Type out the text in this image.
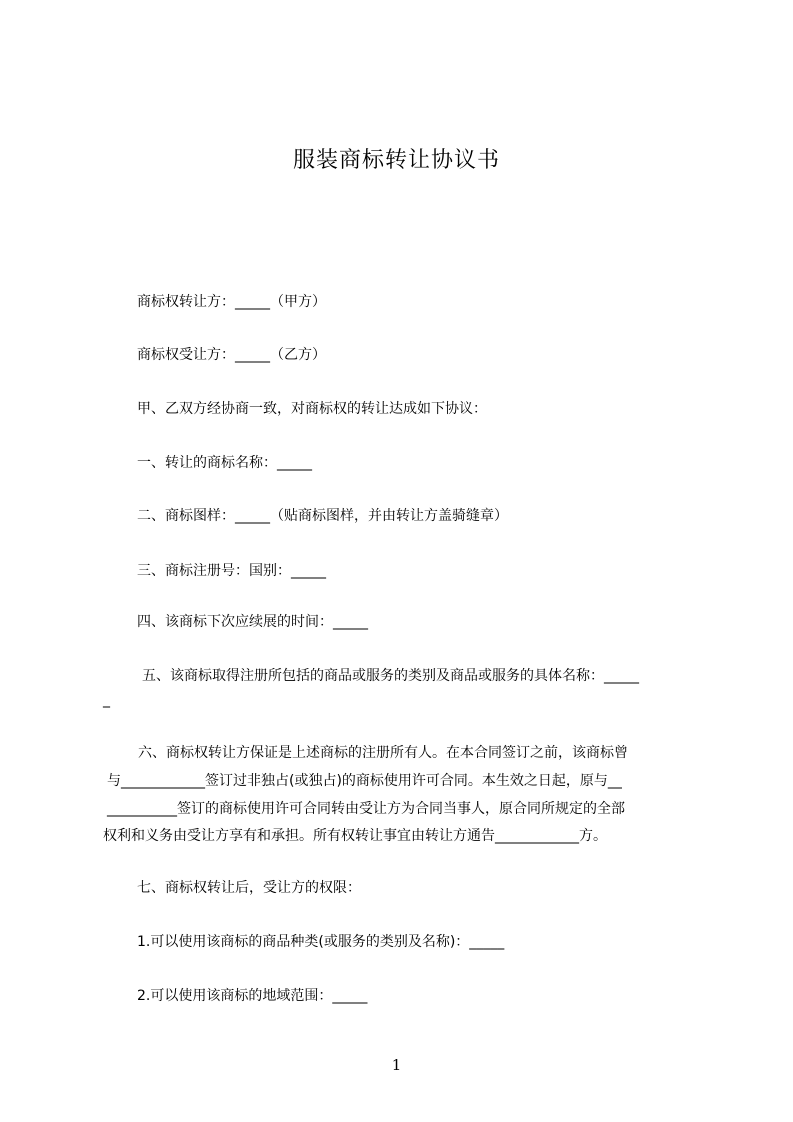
服装商标转让协议书
商标权转让方：_____（甲方）
商标权受让方：_____（乙方）
甲、乙双方经协商一致，对商标权的转让达成如下协议：
一、转让的商标名称：_____
二、商标图样：_____（贴商标图样，并由转让方盖骑缝章）
三、商标注册号：国别：_____
四、该商标下次应续展的时间：_____
五、该商标取得注册所包括的商品或服务的类别及商品或服务的具体名称：_____
_
六、商标权转让方保证是上述商标的注册所有人。在本合同签订之前，该商标曾
与____________签订过非独占(或独占)的商标使用许可合同。本生效之日起，原与__
__________签订的商标使用许可合同转由受让方为合同当事人，原合同所规定的全部
权利和义务由受让方享有和承担。所有权转让事宜由转让方通告____________方。
七、商标权转让后，受让方的权限：
1.可以使用该商标的商品种类(或服务的类别及名称)：_____
2.可以使用该商标的地域范围：_____
1
